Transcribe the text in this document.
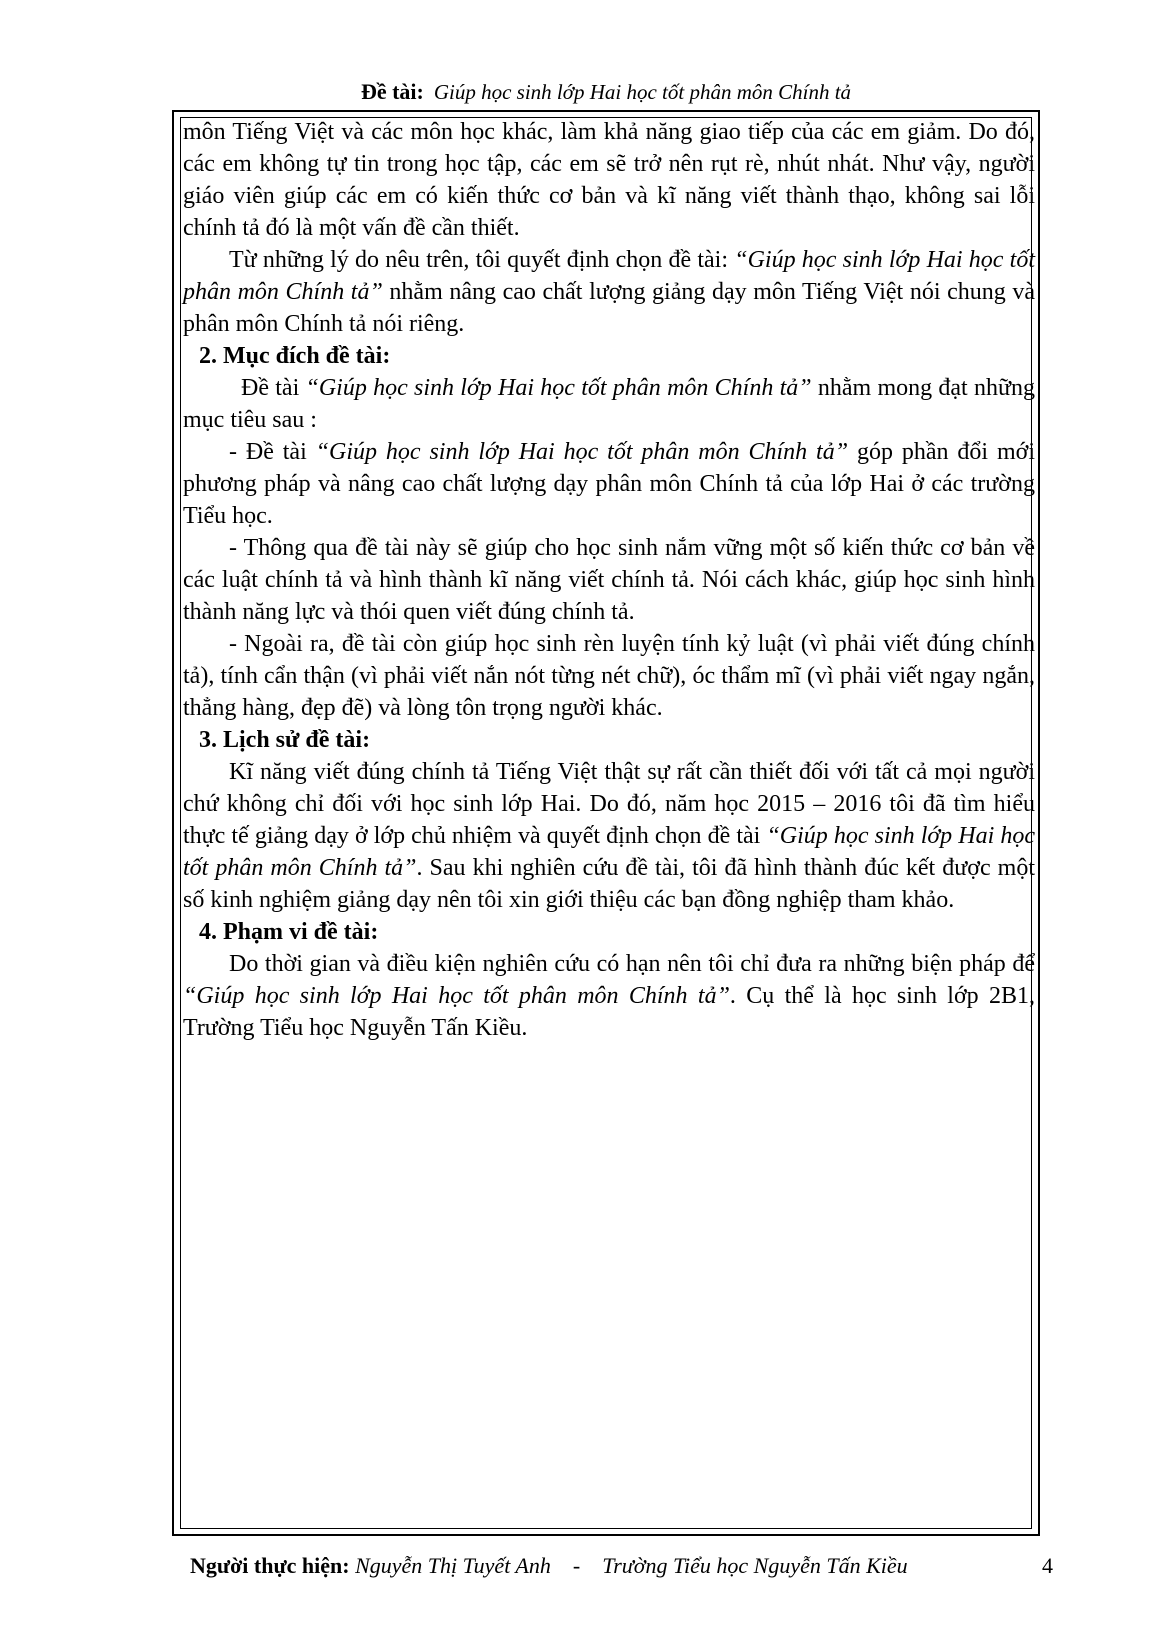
Đề tài: Giúp học sinh lớp Hai học tốt phân môn Chính tả

môn Tiếng Việt và các môn học khác, làm khả năng giao tiếp của các em giảm. Do đó, các em không tự tin trong học tập, các em sẽ trở nên rụt rè, nhút nhát. Như vậy, người giáo viên giúp các em có kiến thức cơ bản và kĩ năng viết thành thạo, không sai lỗi chính tả đó là một vấn đề cần thiết.

Từ những lý do nêu trên, tôi quyết định chọn đề tài: “Giúp học sinh lớp Hai học tốt phân môn Chính tả” nhằm nâng cao chất lượng giảng dạy môn Tiếng Việt nói chung và phân môn Chính tả nói riêng.

2. Mục đích đề tài:

Đề tài “Giúp học sinh lớp Hai học tốt phân môn Chính tả” nhằm mong đạt những mục tiêu sau :

- Đề tài “Giúp học sinh lớp Hai học tốt phân môn Chính tả” góp phần đổi mới phương pháp và nâng cao chất lượng dạy phân môn Chính tả của lớp Hai ở các trường Tiểu học.

- Thông qua đề tài này sẽ giúp cho học sinh nắm vững một số kiến thức cơ bản về các luật chính tả và hình thành kĩ năng viết chính tả. Nói cách khác, giúp học sinh hình thành năng lực và thói quen viết đúng chính tả.

- Ngoài ra, đề tài còn giúp học sinh rèn luyện tính kỷ luật (vì phải viết đúng chính tả), tính cẩn thận (vì phải viết nắn nót từng nét chữ), óc thẩm mĩ (vì phải viết ngay ngắn, thẳng hàng, đẹp đẽ) và lòng tôn trọng người khác.

3. Lịch sử đề tài:

Kĩ năng viết đúng chính tả Tiếng Việt thật sự rất cần thiết đối với tất cả mọi người chứ không chỉ đối với học sinh lớp Hai. Do đó, năm học 2015 – 2016 tôi đã tìm hiểu thực tế giảng dạy ở lớp chủ nhiệm và quyết định chọn đề tài “Giúp học sinh lớp Hai học tốt phân môn Chính tả”. Sau khi nghiên cứu đề tài, tôi đã hình thành đúc kết được một số kinh nghiệm giảng dạy nên tôi xin giới thiệu các bạn đồng nghiệp tham khảo.

4. Phạm vi đề tài:

Do thời gian và điều kiện nghiên cứu có hạn nên tôi chỉ đưa ra những biện pháp để “Giúp học sinh lớp Hai học tốt phân môn Chính tả”. Cụ thể là học sinh lớp 2B1, Trường Tiểu học Nguyễn Tấn Kiều.

Người thực hiện: Nguyễn Thị Tuyết Anh - Trường Tiểu học Nguyễn Tấn Kiều	4
